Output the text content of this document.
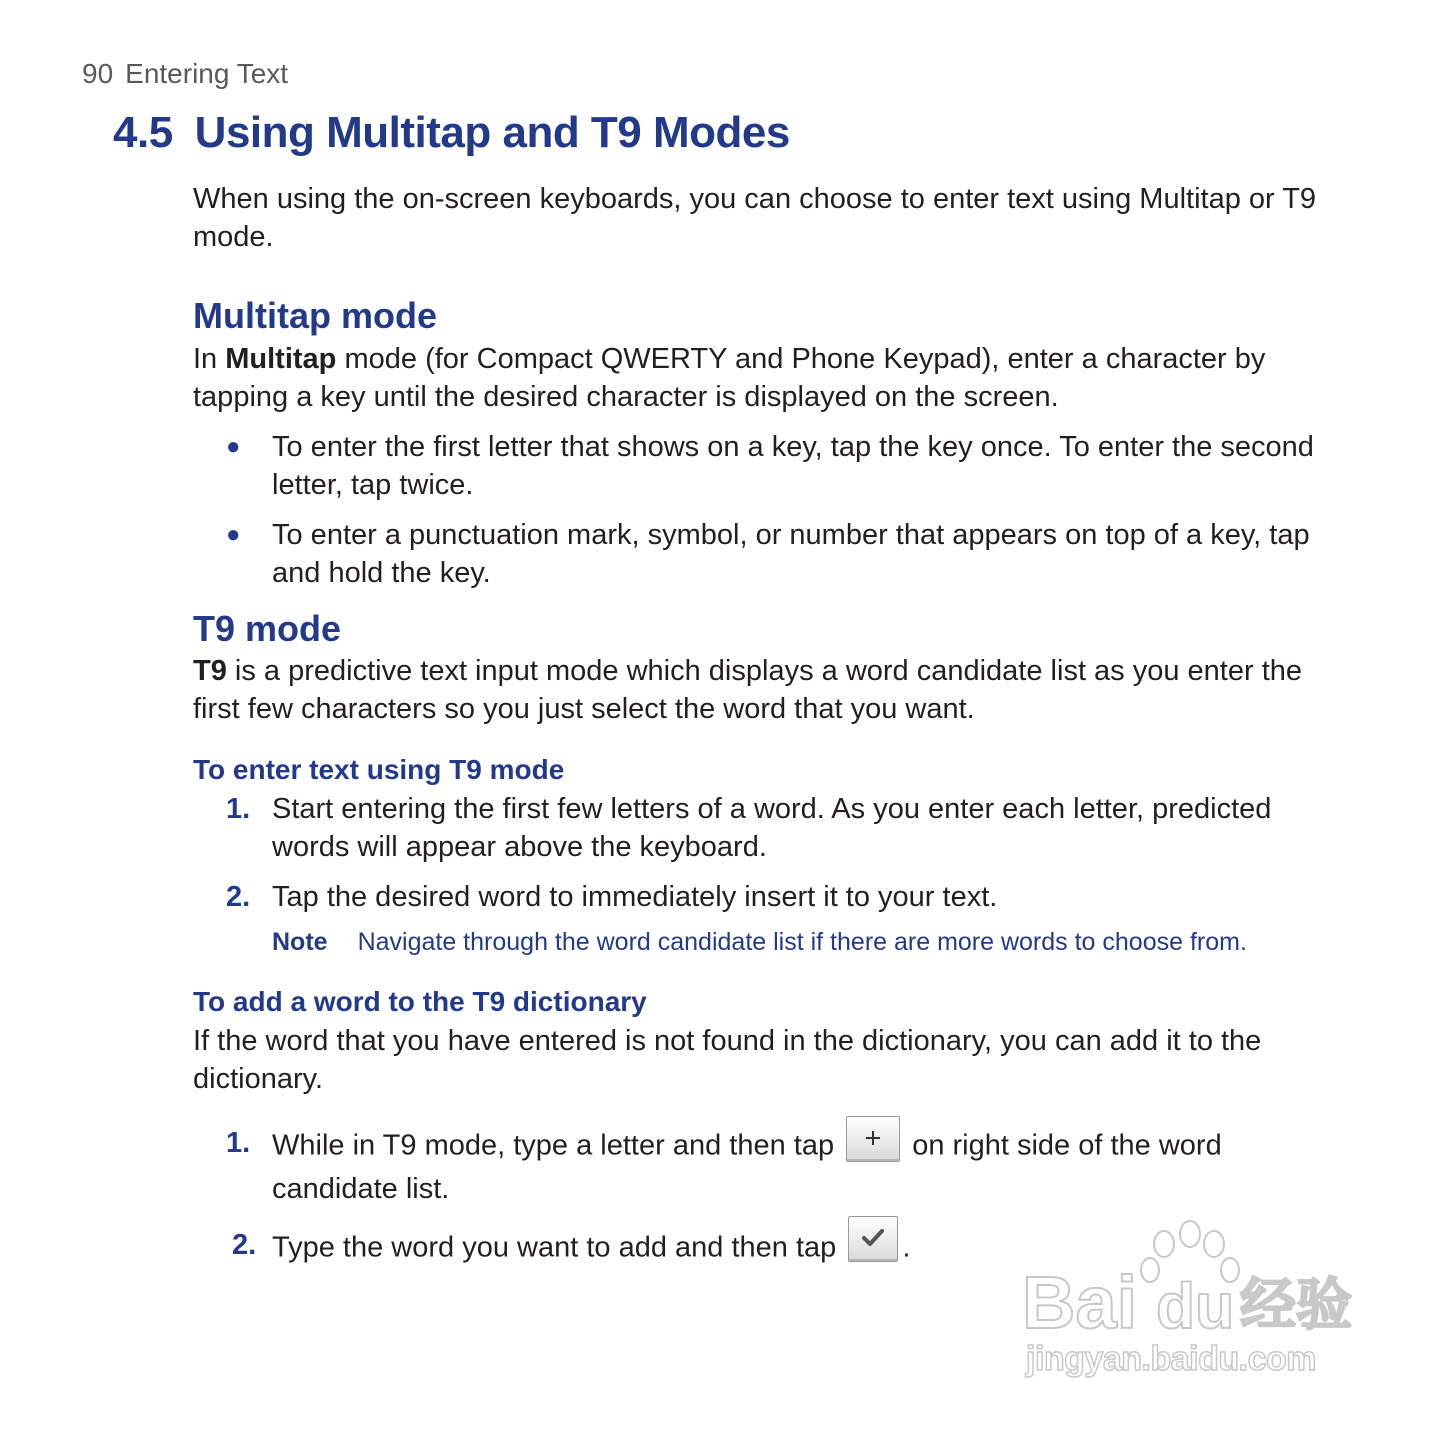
90 Entering Text
4.5 Using Multitap and T9 Modes
When using the on-screen keyboards, you can choose to enter text using Multitap or T9 mode.
Multitap mode
In Multitap mode (for Compact QWERTY and Phone Keypad), enter a character by tapping a key until the desired character is displayed on the screen.
● To enter the first letter that shows on a key, tap the key once. To enter the second letter, tap twice.
● To enter a punctuation mark, symbol, or number that appears on top of a key, tap and hold the key.
T9 mode
T9 is a predictive text input mode which displays a word candidate list as you enter the first few characters so you just select the word that you want.
To enter text using T9 mode
1. Start entering the first few letters of a word. As you enter each letter, predicted words will appear above the keyboard.
2. Tap the desired word to immediately insert it to your text.
Note Navigate through the word candidate list if there are more words to choose from.
To add a word to the T9 dictionary
If the word that you have entered is not found in the dictionary, you can add it to the dictionary.
1. While in T9 mode, type a letter and then tap  on right side of the word candidate list.
2. Type the word you want to add and then tap
.
Bai du 经验
jingyan.baidu.com
